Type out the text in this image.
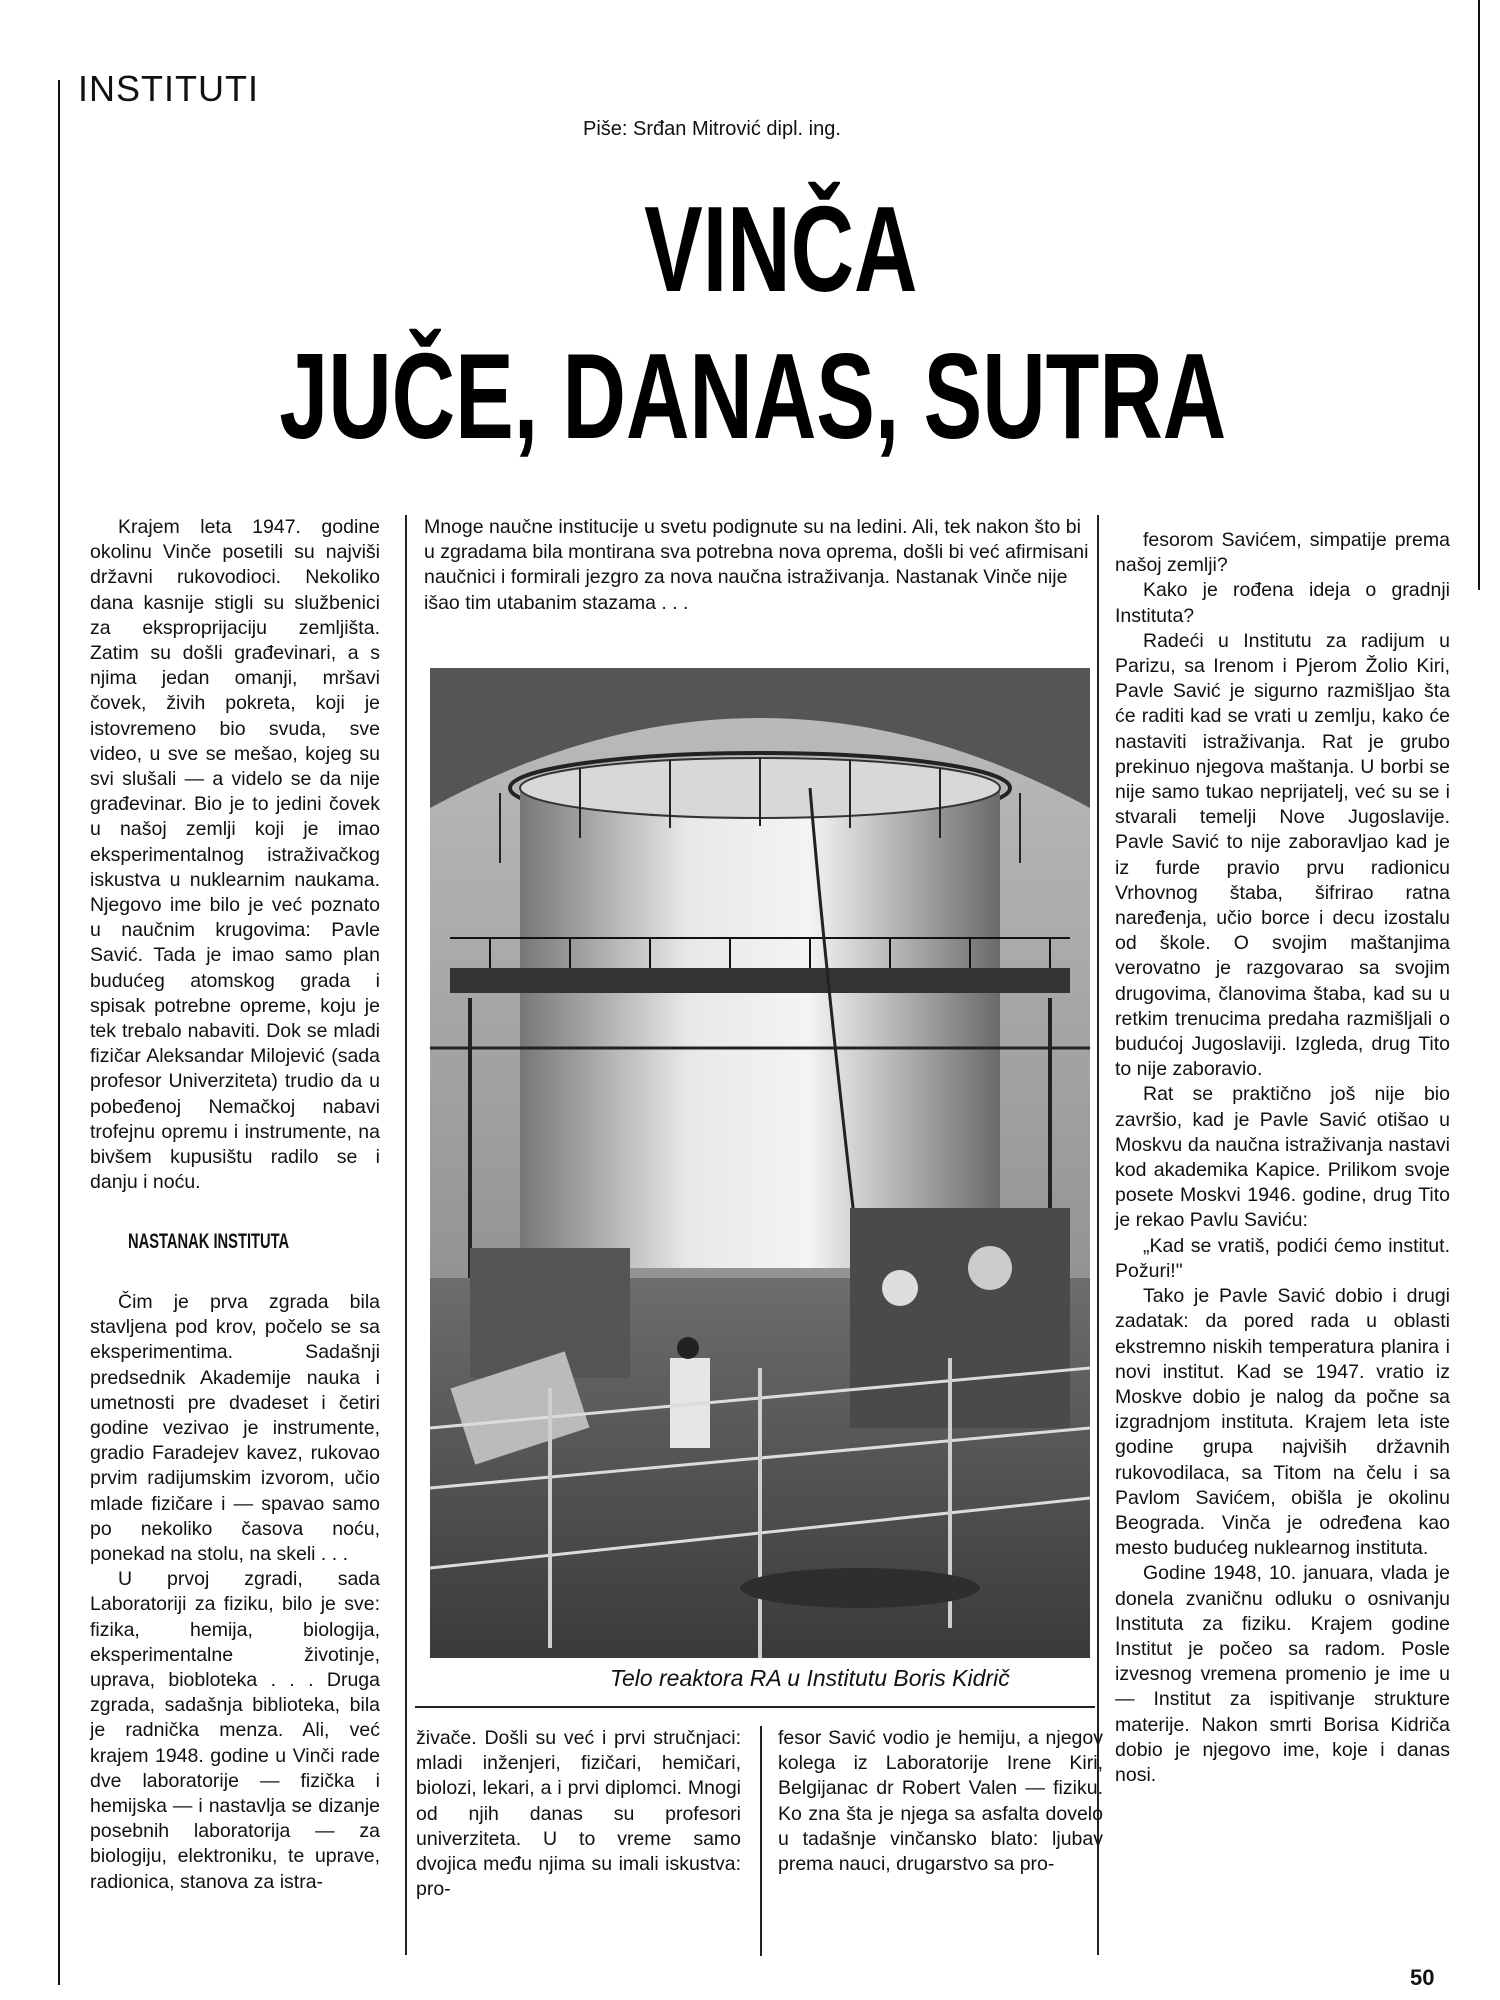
INSTITUTI
Piše: Srđan Mitrović dipl. ing.
VINČA
JUČE, DANAS, SUTRA

Krajem leta 1947. godine okolinu Vinče posetili su najviši državni rukovodioci. Nekoliko dana kasnije stigli su službenici za eksproprijaciju zemljišta. Zatim su došli građevinari, a s njima jedan omanji, mršavi čovek, živih pokreta, koji je istovremeno bio svuda, sve video, u sve se mešao, kojeg su svi slušali — a videlo se da nije građevinar. Bio je to jedini čovek u našoj zemlji koji je imao eksperimentalnog istraživačkog iskustva u nuklearnim naukama. Njegovo ime bilo je već poznato u naučnim krugovima: Pavle Savić. Tada je imao samo plan budućeg atomskog grada i spisak potrebne opreme, koju je tek trebalo nabaviti. Dok se mladi fizičar Aleksandar Milojević (sada profesor Univerziteta) trudio da u pobeđenoj Nemačkoj nabavi trofejnu opremu i instrumente, na bivšem kupusištu radilo se i danju i noću.

NASTANAK INSTITUTA

Čim je prva zgrada bila stavljena pod krov, počelo se sa eksperimentima. Sadašnji predsednik Akademije nauka i umetnosti pre dvadeset i četiri godine vezivao je instrumente, gradio Faradejev kavez, rukovao prvim radijumskim izvorom, učio mlade fizičare i — spavao samo po nekoliko časova noću, ponekad na stolu, na skeli . . .

U prvoj zgradi, sada Laboratoriji za fiziku, bilo je sve: fizika, hemija, biologija, eksperimentalne životinje, uprava, biobloteka . . . Druga zgrada, sadašnja biblioteka, bila je radnička menza. Ali, već krajem 1948. godine u Vinči rade dve laboratorije — fizička i hemijska — i nastavlja se dizanje posebnih laboratorija — za biologiju, elektroniku, te uprave, radionica, stanova za istra-

Mnoge naučne institucije u svetu podignute su na ledini. Ali, tek nakon što bi u zgradama bila montirana sva potrebna nova oprema, došli bi već afirmisani naučnici i formirali jezgro za nova naučna istraživanja. Nastanak Vinče nije išao tim utabanim stazama . . .

Telo reaktora RA u Institutu Boris Kidrič

živače. Došli su već i prvi stručnjaci: mladi inženjeri, fizičari, hemičari, biolozi, lekari, a i prvi diplomci. Mnogi od njih danas su profesori univerziteta. U to vreme samo dvojica među njima su imali iskustva: pro-

fesor Savić vodio je hemiju, a njegov kolega iz Laboratorije Irene Kiri, Belgijanac dr Robert Valen — fiziku. Ko zna šta je njega sa asfalta dovelo u tadašnje vinčansko blato: ljubav prema nauci, drugarstvo sa pro-

fesorom Savićem, simpatije prema našoj zemlji?

Kako je rođena ideja o gradnji Instituta?

Radeći u Institutu za radijum u Parizu, sa Irenom i Pjerom Žolio Kiri, Pavle Savić je sigurno razmišljao šta će raditi kad se vrati u zemlju, kako će nastaviti istraživanja. Rat je grubo prekinuo njegova maštanja. U borbi se nije samo tukao neprijatelj, već su se i stvarali temelji Nove Jugoslavije. Pavle Savić to nije zaboravljao kad je iz furde pravio prvu radionicu Vrhovnog štaba, šifrirao ratna naređenja, učio borce i decu izostalu od škole. O svojim maštanjima verovatno je razgovarao sa svojim drugovima, članovima štaba, kad su u retkim trenucima predaha razmišljali o budućoj Jugoslaviji. Izgleda, drug Tito to nije zaboravio.

Rat se praktično još nije bio završio, kad je Pavle Savić otišao u Moskvu da naučna istraživanja nastavi kod akademika Kapice. Prilikom svoje posete Moskvi 1946. godine, drug Tito je rekao Pavlu Saviću:

„Kad se vratiš, podići ćemo institut. Požuri!"

Tako je Pavle Savić dobio i drugi zadatak: da pored rada u oblasti ekstremno niskih temperatura planira i novi institut. Kad se 1947. vratio iz Moskve dobio je nalog da počne sa izgradnjom instituta. Krajem leta iste godine grupa najviših državnih rukovodilaca, sa Titom na čelu i sa Pavlom Savićem, obišla je okolinu Beograda. Vinča je određena kao mesto budućeg nuklearnog instituta.

Godine 1948, 10. januara, vlada je donela zvaničnu odluku o osnivanju Instituta za fiziku. Krajem godine Institut je počeo sa radom. Posle izvesnog vremena promenio je ime u — Institut za ispitivanje strukture materije. Nakon smrti Borisa Kidriča dobio je njegovo ime, koje i danas nosi.

50
